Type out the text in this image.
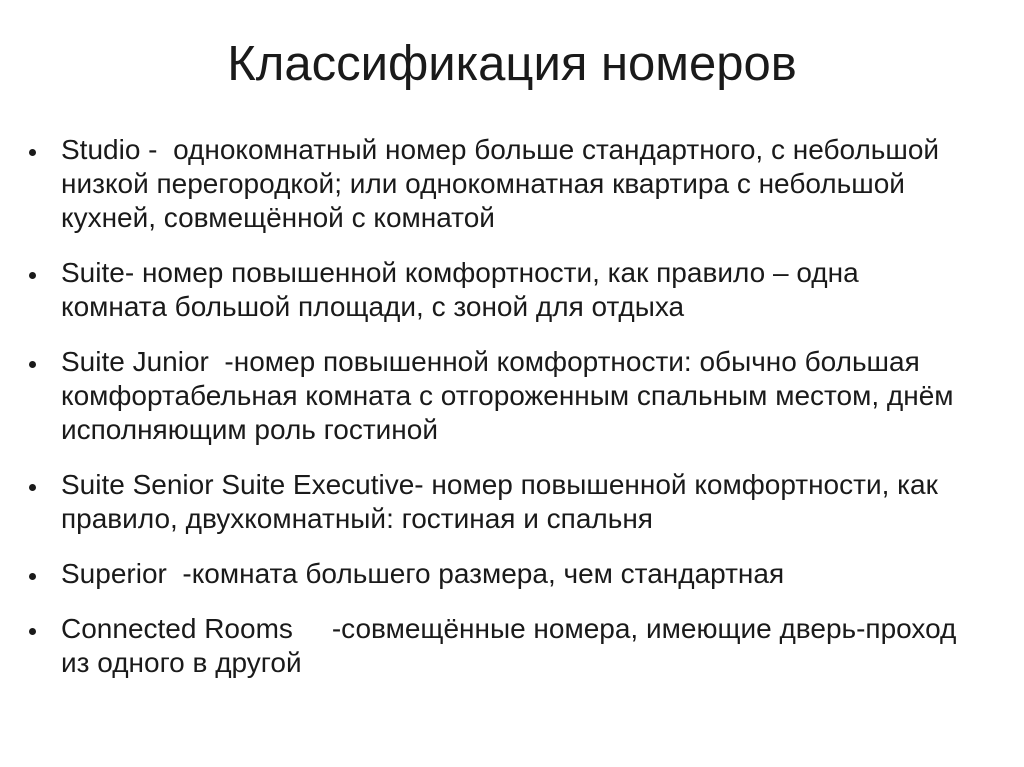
Классификация номеров
Studio -  однокомнатный номер больше стандартного, с небольшой низкой перегородкой; или однокомнатная квартира с небольшой кухней, совмещённой с комнатой
Suite- номер повышенной комфортности, как правило – одна комната большой площади, с зоной для отдыха
Suite Junior  -номер повышенной комфортности: обычно большая комфортабельная комната с отгороженным спальным местом, днём исполняющим роль гостиной
Suite Senior Suite Executive- номер повышенной комфортности, как правило, двухкомнатный: гостиная и спальня
Superior  -комната большего размера, чем стандартная
Connected Rooms     -совмещённые номера, имеющие дверь-проход из одного в другой
